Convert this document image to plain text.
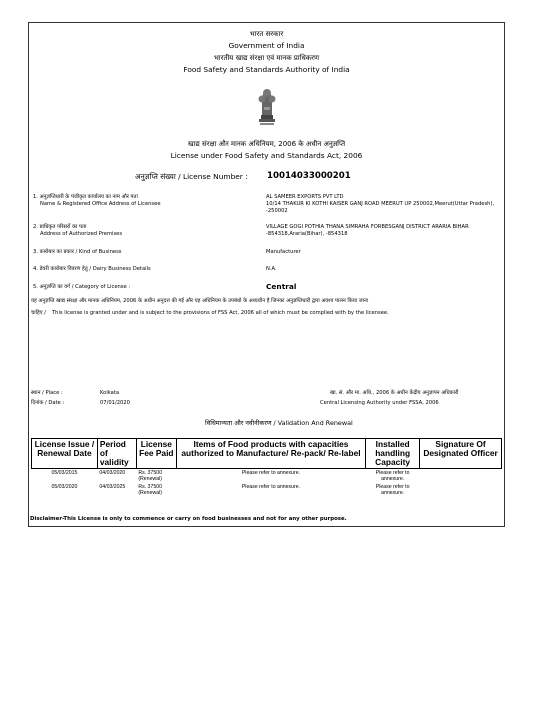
भारत सरकार
Government of India
भारतीय खाद्य संरक्षा एवं मानक प्राधिकरण
Food Safety and Standards Authority of India
खाद्य संरक्षा और मानक अधिनियम, 2006 के अधीन अनुज्ञप्ति
License under Food Safety and Standards Act, 2006
अनुज्ञप्ति संख्या / License Number : 10014033000201
1. अनुज्ञप्तिधारी के पंजीकृत कार्यालय का नाम और पता
Name & Registered Office Address of Licensee
AL SAMEER EXPORTS PVT LTD
10/14 THAKUR KI KOTHI KAISER GANJ ROAD MEERUT UP 250002,Meerut(Uttar Pradesh), -250002
2. प्राधिकृत परिसरों का पता
Address of Authorized Premises
VILLAGE GOGI POTHIA THANA SIMRAHA FORBESGANJ DISTRICT ARARIA BIHAR -854318,Araria(Bihar), -854318
3. कारोबार का प्रकार / Kind of Business	Manufacturer
4. डेयरी कारोबार विवरण हेतु / Dairy Business Details	N.A.
5. अनुज्ञप्ति का वर्ग / Category of License :	Central
यह अनुज्ञप्ति खाद्य संरक्षा और मानक अधिनियम, 2006 के अधीन अनुदत्त की गई और यह अधिनियम के उपबंधो के अध्यधीन है जिनका अनुज्ञप्तिधारी द्वारा अवश्य पालन किया जाना
चाहिए / This license is granted under and is subject to the provisions of FSS Act, 2006 all of which must be complied with by the licensee.
स्थान / Place :	Kolkata
दिनांक / Date :	07/01/2020
खा. सं. और मा. अधि., 2006 के अधीन केंद्रीय अनुज्ञापन अधिकारी
Central Licensing Authority under FSSA, 2006
विधिमान्यता और नवीनीकरण / Validation And Renewal
License Issue / Renewal Date	Period of validity	License Fee Paid	Items of Food products with capacities authorized to Manufacture/ Re-pack/ Re-label	Installed handling Capacity	Signature Of Designated Officer
05/03/2015	04/03/2020	Rs. 37500 (Renewal)	Please refer to annexure.	Please refer to annexure.	
05/03/2020	04/03/2025	Rs. 37500 (Renewal)	Please refer to annexure.	Please refer to annexure.	
Disclaimer-This License is only to commence or carry on food businesses and not for any other purpose.
